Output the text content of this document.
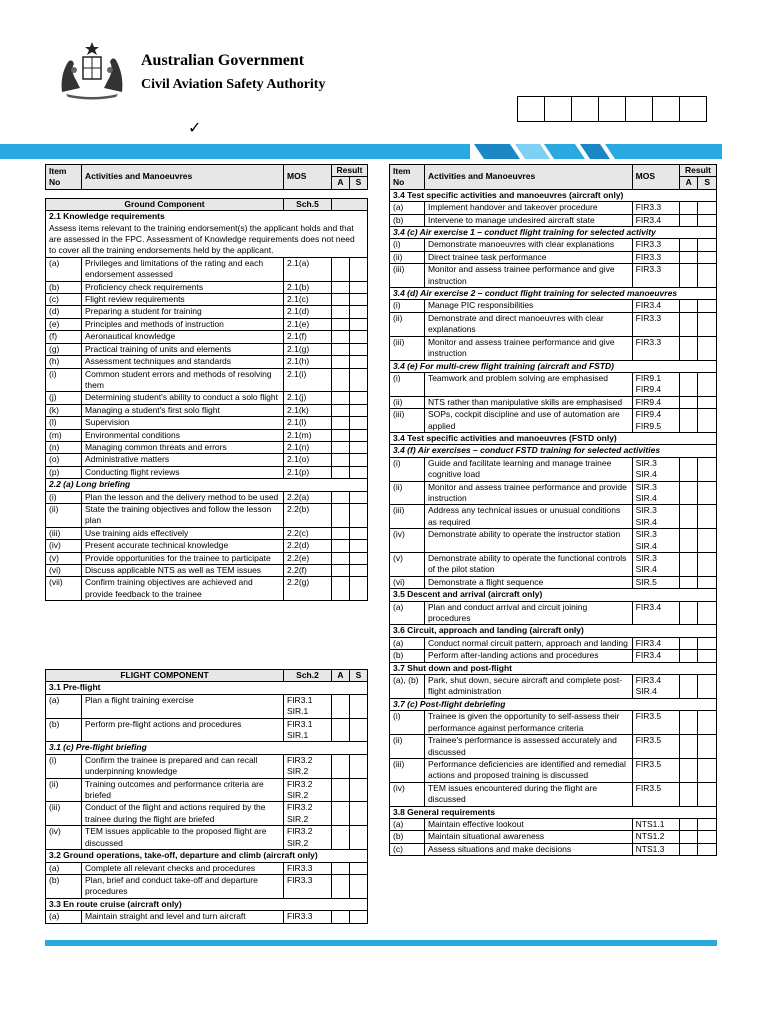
Australian Government
Civil Aviation Safety Authority
✓
Item
No	Activities and Manoeuvres	MOS	Result	
			A	S

Ground Component		Sch.5		
2.1 Knowledge requirements
Assess items relevant to the training endorsement(s) the applicant holds and that are assessed in the FPC. Assessment of Knowledge requirements does not need to cover all the training endorsements held by the applicant.				
(a)	Privileges and limitations of the rating and each endorsement assessed	2.1(a)		
(b)	Proficiency check requirements	2.1(b)		
(c)	Flight review requirements	2.1(c)		
(d)	Preparing a student for training	2.1(d)		
(e)	Principles and methods of instruction	2.1(e)		
(f)	Aeronautical knowledge	2.1(f)		
(g)	Practical training of units and elements	2.1(g)		
(h)	Assessment techniques and standards	2.1(h)		
(i)	Common student errors and methods of resolving them	2.1(i)		
(j)	Determining student's ability to conduct a solo flight	2.1(j)		
(k)	Managing a student's first solo flight	2.1(k)		
(l)	Supervision	2.1(l)		
(m)	Environmental conditions	2.1(m)		
(n)	Managing common threats and errors	2.1(n)		
(o)	Administrative matters	2.1(o)		
(p)	Conducting flight reviews	2.1(p)		
2.2 (a) Long briefing				
(i)	Plan the lesson and the delivery method to be used	2.2(a)		
(ii)	State the training objectives and follow the lesson plan	2.2(b)		
(iii)	Use training aids effectively	2.2(c)		
(iv)	Present accurate technical knowledge	2.2(d)		
(v)	Provide opportunities for the trainee to participate	2.2(e)		
(vi)	Discuss applicable NTS as well as TEM issues	2.2(f)		
(vii)	Confirm training objectives are achieved and provide feedback to the trainee	2.2(g)		
FLIGHT COMPONENT		Sch.2	A	S
3.1 Pre-flight				
(a)	Plan a flight training exercise	FIR3.1 SIR.1		
(b)	Perform pre-flight actions and procedures	FIR3.1 SIR.1		
3.1 (c) Pre-flight briefing				
(i)	Confirm the trainee is prepared and can recall underpinning knowledge	FIR3.2 SIR.2		
(ii)	Training outcomes and performance criteria are briefed	FIR3.2 SIR.2		
(iii)	Conduct of the flight and actions required by the trainee during the flight are briefed	FIR3.2 SIR.2		
(iv)	TEM issues applicable to the proposed flight are discussed	FIR3.2 SIR.2		
3.2 Ground operations, take-off, departure and climb (aircraft only)				
(a)	Complete all relevant checks and procedures	FIR3.3		
(b)	Plan, brief and conduct take-off and departure procedures	FIR3.3		
3.3 En route cruise (aircraft only)				
(a)	Maintain straight and level and turn aircraft	FIR3.3		
Item
No	Activities and Manoeuvres	MOS	Result	
			A	S
3.4 Test specific activities and manoeuvres (aircraft only)				
(a)	Implement handover and takeover procedure	FIR3.3		
(b)	Intervene to manage undesired aircraft state	FIR3.4		
3.4 (c) Air exercise 1 – conduct flight training for selected activity				
(i)	Demonstrate manoeuvres with clear explanations	FIR3.3		
(ii)	Direct trainee task performance	FIR3.3		
(iii)	Monitor and assess trainee performance and give instruction	FIR3.3		
3.4 (d) Air exercise 2 – conduct flight training for selected manoeuvres				
(i)	Manage PIC responsibilities	FIR3.4		
(ii)	Demonstrate and direct manoeuvres with clear explanations	FIR3.3		
(iii)	Monitor and assess trainee performance and give instruction	FIR3.3		
3.4 (e) For multi-crew flight training (aircraft and FSTD)				
(i)	Teamwork and problem solving are emphasised	FIR9.1 FIR9.4		
(ii)	NTS rather than manipulative skills are emphasised	FIR9.4		
(iii)	SOPs, cockpit discipline and use of automation are applied	FIR9.4 FIR9.5		
3.4 Test specific activities and manoeuvres (FSTD only)				
3.4 (f) Air exercises – conduct FSTD training for selected activities				
(i)	Guide and facilitate learning and manage trainee cognitive load	SIR.3 SIR.4		
(ii)	Monitor and assess trainee performance and provide instruction	SIR.3 SIR.4		
(iii)	Address any technical issues or unusual conditions as required	SIR.3 SIR.4		
(iv)	Demonstrate ability to operate the instructor station	SIR.3 SIR.4		
(v)	Demonstrate ability to operate the functional controls of the pilot station	SIR.3 SIR.4		
(vi)	Demonstrate a flight sequence	SIR.5		
3.5 Descent and arrival (aircraft only)				
(a)	Plan and conduct arrival and circuit joining procedures	FIR3.4		
3.6 Circuit, approach and landing (aircraft only)				
(a)	Conduct normal circuit pattern, approach and landing	FIR3.4		
(b)	Perform after-landing actions and procedures	FIR3.4		
3.7 Shut down and post-flight				
(a), (b)	Park, shut down, secure aircraft and complete post-flight administration	FIR3.4 SIR.4		
3.7 (c) Post-flight debriefing				
(i)	Trainee is given the opportunity to self-assess their performance against performance criteria	FIR3.5		
(ii)	Trainee's performance is assessed accurately and discussed	FIR3.5		
(iii)	Performance deficiencies are identified and remedial actions and proposed training is discussed	FIR3.5		
(iv)	TEM issues encountered during the flight are discussed	FIR3.5		
3.8 General requirements				
(a)	Maintain effective lookout	NTS1.1		
(b)	Maintain situational awareness	NTS1.2		
(c)	Assess situations and make decisions	NTS1.3		
